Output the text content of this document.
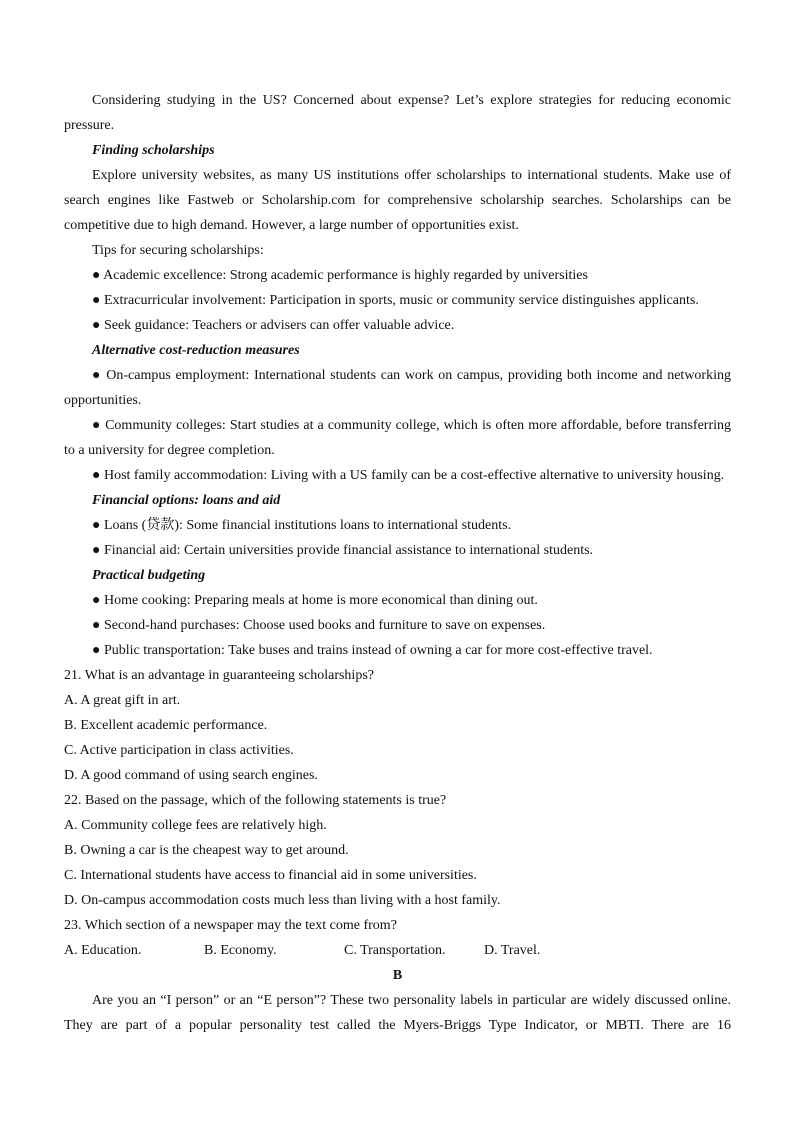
Considering studying in the US? Concerned about expense? Let’s explore strategies for reducing economic
pressure.
Finding scholarships
Explore university websites, as many US institutions offer scholarships to international students. Make use of
search engines like Fastweb or Scholarship.com for comprehensive scholarship searches. Scholarships can be
competitive due to high demand. However, a large number of opportunities exist.
Tips for securing scholarships:
● Academic excellence: Strong academic performance is highly regarded by universities
● Extracurricular involvement: Participation in sports, music or community service distinguishes applicants.
● Seek guidance: Teachers or advisers can offer valuable advice.
Alternative cost-reduction measures
● On-campus employment: International students can work on campus, providing both income and networking
opportunities.
● Community colleges: Start studies at a community college, which is often more affordable, before transferring
to a university for degree completion.
● Host family accommodation: Living with a US family can be a cost-effective alternative to university housing.
Financial options: loans and aid
● Loans (贷款): Some financial institutions loans to international students.
● Financial aid: Certain universities provide financial assistance to international students.
Practical budgeting
● Home cooking: Preparing meals at home is more economical than dining out.
● Second-hand purchases: Choose used books and furniture to save on expenses.
● Public transportation: Take buses and trains instead of owning a car for more cost-effective travel.
21. What is an advantage in guaranteeing scholarships?
A. A great gift in art.
B. Excellent academic performance.
C. Active participation in class activities.
D. A good command of using search engines.
22. Based on the passage, which of the following statements is true?
A. Community college fees are relatively high.
B. Owning a car is the cheapest way to get around.
C. International students have access to financial aid in some universities.
D. On-campus accommodation costs much less than living with a host family.
23. Which section of a newspaper may the text come from?
A. Education.	B. Economy.	C. Transportation.	D. Travel.
B
Are you an “I person” or an “E person”? These two personality labels in particular are widely discussed online.
They are part of a popular personality test called the Myers-Briggs Type Indicator, or MBTI. There are 16
